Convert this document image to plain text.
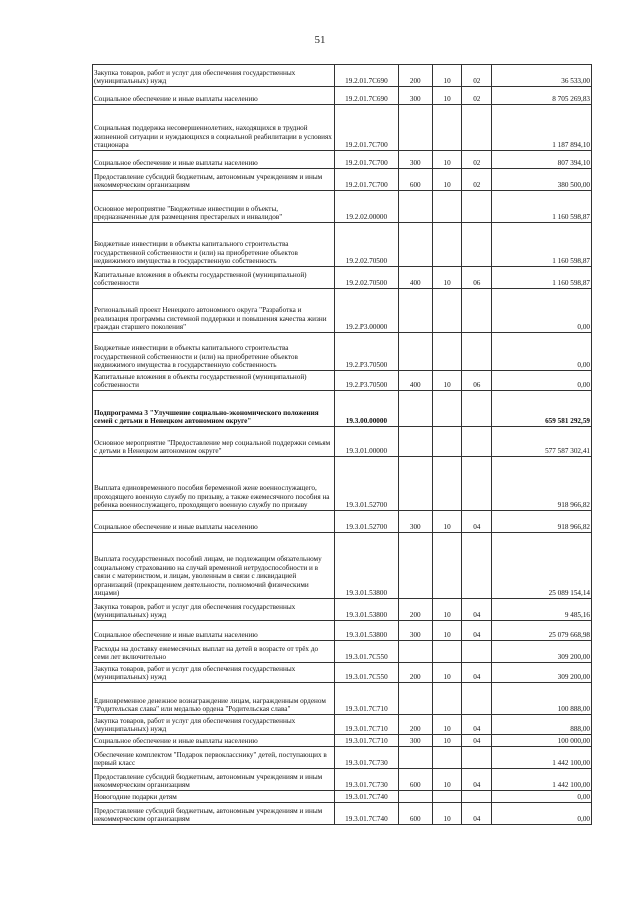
51
Закупка товаров, работ и услуг для обеспечения государственных (муниципальных) нужд	19.2.01.7С690	200	10	02	36 533,00
Социальное обеспечение и иные выплаты населению	19.2.01.7С690	300	10	02	8 705 269,83
Социальная поддержка несовершеннолетних, находящихся в трудной жизненной ситуации и нуждающихся в социальной реабилитации в условиях стационара	19.2.01.7С700				1 187 894,10
Социальное обеспечение и иные выплаты населению	19.2.01.7С700	300	10	02	807 394,10
Предоставление субсидий бюджетным, автономным учреждениям и иным некоммерческим организациям	19.2.01.7С700	600	10	02	380 500,00
Основное мероприятие "Бюджетные инвестиции в объекты, предназначенные для размещения престарелых и инвалидов"	19.2.02.00000				1 160 598,87
Бюджетные инвестиции в объекты капитального строительства государственной собственности и (или) на приобретение объектов недвижимого имущества в государственную собственность	19.2.02.70500				1 160 598,87
Капитальные вложения в объекты государственной (муниципальной) собственности	19.2.02.70500	400	10	06	1 160 598,87
Региональный проект Ненецкого автономного округа "Разработка и реализация программы системной поддержки и повышения качества жизни граждан старшего поколения"	19.2.P3.00000				0,00
Бюджетные инвестиции в объекты капитального строительства государственной собственности и (или) на приобретение объектов недвижимого имущества в государственную собственность	19.2.P3.70500				0,00
Капитальные вложения в объекты государственной (муниципальной) собственности	19.2.P3.70500	400	10	06	0,00
Подпрограмма 3 "Улучшение социально-экономического положения семей с детьми в Ненецком автономном округе"	19.3.00.00000				659 581 292,59
Основное мероприятие "Предоставление мер социальной поддержки семьям с детьми в Ненецком автономном округе"	19.3.01.00000				577 587 302,41
Выплата единовременного пособия беременной жене военнослужащего, проходящего военную службу по призыву, а также ежемесячного пособия на ребенка военнослужащего, проходящего военную службу по призыву	19.3.01.52700				918 966,82
Социальное обеспечение и иные выплаты населению	19.3.01.52700	300	10	04	918 966,82
Выплата государственных пособий лицам, не подлежащим обязательному социальному страхованию на случай временной нетрудоспособности и в связи с материнством, и лицам, уволенным в связи с ликвидацией организаций (прекращением деятельности, полномочий физическими лицами)	19.3.01.53800				25 089 154,14
Закупка товаров, работ и услуг для обеспечения государственных (муниципальных) нужд	19.3.01.53800	200	10	04	9 485,16
Социальное обеспечение и иные выплаты населению	19.3.01.53800	300	10	04	25 079 668,98
Расходы на доставку ежемесячных выплат на детей в возрасте от трёх до семи лет включительно	19.3.01.7С550				309 200,00
Закупка товаров, работ и услуг для обеспечения государственных (муниципальных) нужд	19.3.01.7С550	200	10	04	309 200,00
Единовременное денежное вознаграждение лицам, награжденным орденом "Родительская слава" или медалью ордена "Родительская слава"	19.3.01.7С710				100 888,00
Закупка товаров, работ и услуг для обеспечения государственных (муниципальных) нужд	19.3.01.7С710	200	10	04	888,00
Социальное обеспечение и иные выплаты населению	19.3.01.7С710	300	10	04	100 000,00
Обеспечение комплектом "Подарок первокласснику" детей, поступающих в первый класс	19.3.01.7С730				1 442 100,00
Предоставление субсидий бюджетным, автономным учреждениям и иным некоммерческим организациям	19.3.01.7С730	600	10	04	1 442 100,00
Новогодние подарки детям	19.3.01.7С740				0,00
Предоставление субсидий бюджетным, автономным учреждениям и иным некоммерческим организациям	19.3.01.7С740	600	10	04	0,00
